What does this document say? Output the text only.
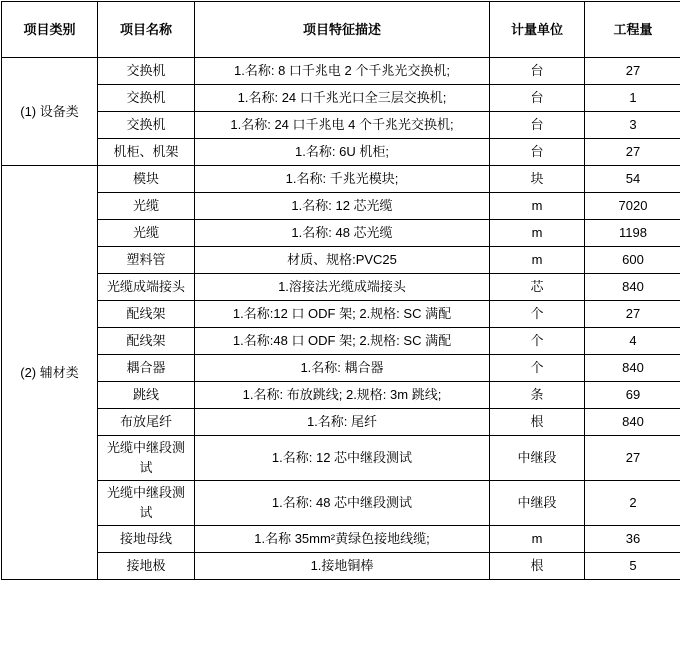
项目类别	项目名称	项目特征描述	计量单位	工程量
(1) 设备类	交换机	1.名称: 8 口千兆电 2 个千兆光交换机;	台	27
	交换机	1.名称: 24 口千兆光口全三层交换机;	台	1
	交换机	1.名称: 24 口千兆电 4 个千兆光交换机;	台	3
	机柜、机架	1.名称: 6U 机柜;	台	27
(2) 辅材类	模块	1.名称: 千兆光模块;	块	54
	光缆	1.名称: 12 芯光缆	m	7020
	光缆	1.名称: 48 芯光缆	m	1198
	塑料管	材质、规格:PVC25	m	600
	光缆成端接头	1.溶接法光缆成端接头	芯	840
	配线架	1.名称:12 口 ODF 架; 2.规格: SC 满配	个	27
	配线架	1.名称:48 口 ODF 架; 2.规格: SC 满配	个	4
	耦合器	1.名称: 耦合器	个	840
	跳线	1.名称: 布放跳线; 2.规格: 3m 跳线;	条	69
	布放尾纤	1.名称: 尾纤	根	840
	光缆中继段测试	1.名称: 12 芯中继段测试	中继段	27
	光缆中继段测试	1.名称: 48 芯中继段测试	中继段	2
	接地母线	1.名称 35mm²黄绿色接地线缆;	m	36
	接地极	1.接地铜棒	根	5
